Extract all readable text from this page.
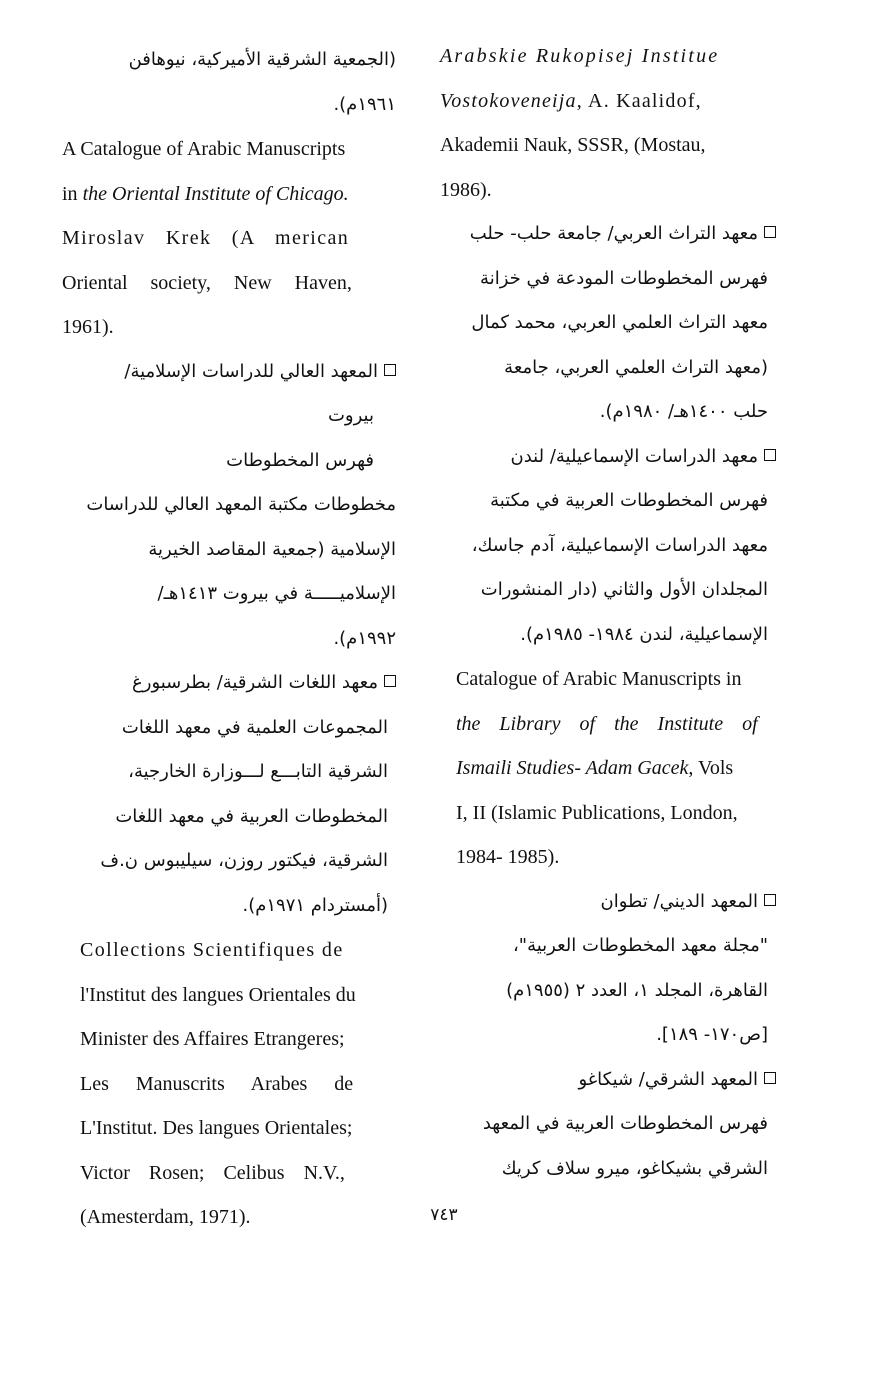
Arabskie Rukopisej Institue
Vostokoveneija, A. Kaalidof,
Akademii Nauk, SSSR, (Mostau,
1986).
معهد التراث العربي/ جامعة حلب- حلب
فهرس المخطوطات المودعة في خزانة
معهد التراث العلمي العربي، محمد كمال
(معهد التراث العلمي العربي، جامعة
حلب ١٤٠٠هـ/ ١٩٨٠م).
معهد الدراسات الإسماعيلية/ لندن
فهرس المخطوطات العربية في مكتبة
معهد الدراسات الإسماعيلية، آدم جاسك،
المجلدان الأول والثاني (دار المنشورات
الإسماعيلية، لندن ١٩٨٤- ١٩٨٥م).
Catalogue of Arabic Manuscripts in
the Library of the Institute of
Ismaili Studies- Adam Gacek, Vols
I, II (Islamic Publications, London,
1984- 1985).
المعهد الديني/ تطوان
"مجلة معهد المخطوطات العربية"،
القاهرة، المجلد ١، العدد ٢ (١٩٥٥م)
[ص١٧٠- ١٨٩].
المعهد الشرقي/ شيكاغو
فهرس المخطوطات العربية في المعهد
الشرقي بشيكاغو، ميرو سلاف كريك
(الجمعية الشرقية الأميركية، نيوهافن
١٩٦١م).
A Catalogue of Arabic Manuscripts
in the Oriental Institute of Chicago.
Miroslav Krek (A merican
Oriental society, New Haven,
1961).
المعهد العالي للدراسات الإسلامية/
بيروت
فهرس المخطوطات
مخطوطات مكتبة المعهد العالي للدراسات
الإسلامية (جمعية المقاصد الخيرية
الإسلاميـــــة في بيروت ١٤١٣هـ/
١٩٩٢م).
معهد اللغات الشرقية/ بطرسبورغ
المجموعات العلمية في معهد اللغات
الشرقية التابـــع لـــوزارة الخارجية،
المخطوطات العربية في معهد اللغات
الشرقية، فيكتور روزن، سيليبوس ن.ف
(أمستردام ١٩٧١م).
Collections Scientifiques de
l'Institut des langues Orientales du
Minister des Affaires Etrangeres;
Les Manuscrits Arabes de
L'Institut. Des langues Orientales;
Victor Rosen; Celibus N.V.,
(Amesterdam, 1971).	٧٤٣
